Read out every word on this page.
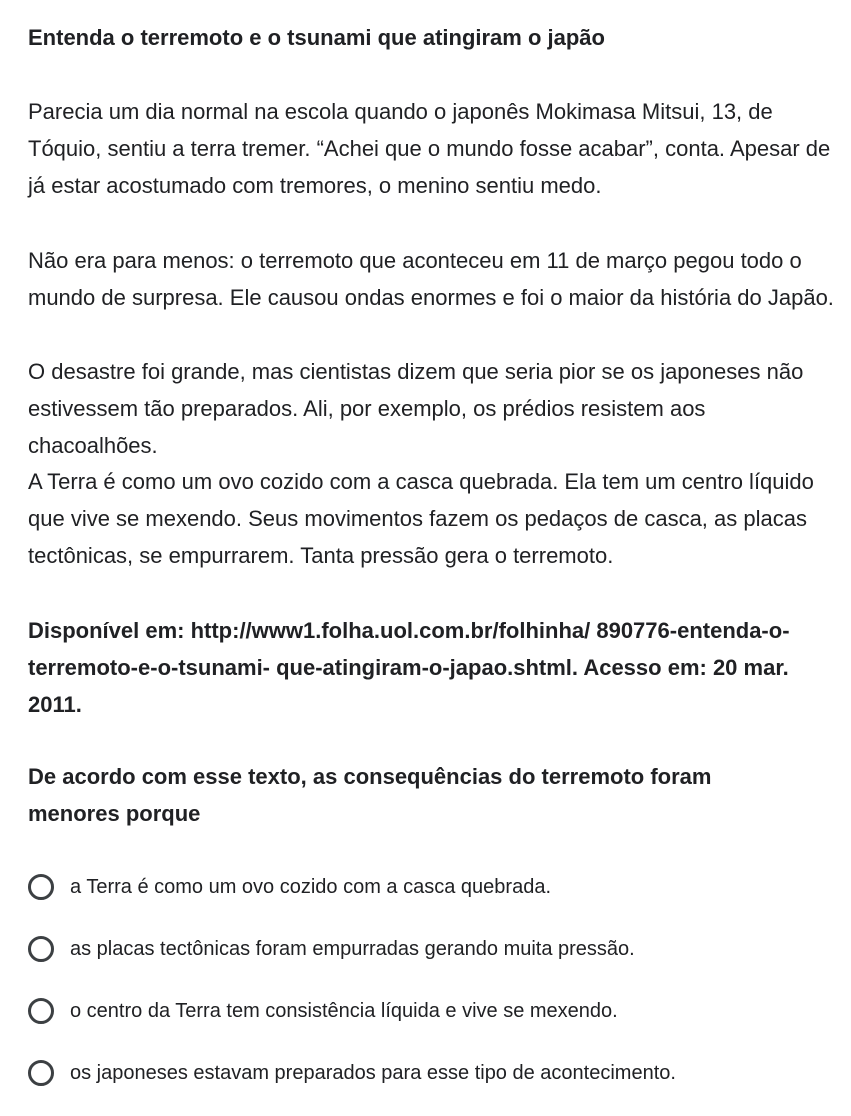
Entenda o terremoto e o tsunami que atingiram o japão

Parecia um dia normal na escola quando o japonês Mokimasa Mitsui, 13, de Tóquio, sentiu a terra tremer. “Achei que o mundo fosse acabar”, conta. Apesar de já estar acostumado com tremores, o menino sentiu medo.

Não era para menos: o terremoto que aconteceu em 11 de março pegou todo o mundo de surpresa. Ele causou ondas enormes e foi o maior da história do Japão.

O desastre foi grande, mas cientistas dizem que seria pior se os japoneses não estivessem tão preparados. Ali, por exemplo, os prédios resistem aos chacoalhões.

A Terra é como um ovo cozido com a casca quebrada. Ela tem um centro líquido que vive se mexendo. Seus movimentos fazem os pedaços de casca, as placas tectônicas, se empurrarem. Tanta pressão gera o terremoto.

Disponível em: http://www1.folha.uol.com.br/folhinha/ 890776-entenda-o-terremoto-e-o-tsunami- que-atingiram-o-japao.shtml. Acesso em: 20 mar. 2011.

De acordo com esse texto, as consequências do terremoto foram menores porque

a Terra é como um ovo cozido com a casca quebrada.
as placas tectônicas foram empurradas gerando muita pressão.
o centro da Terra tem consistência líquida e vive se mexendo.
os japoneses estavam preparados para esse tipo de acontecimento.
